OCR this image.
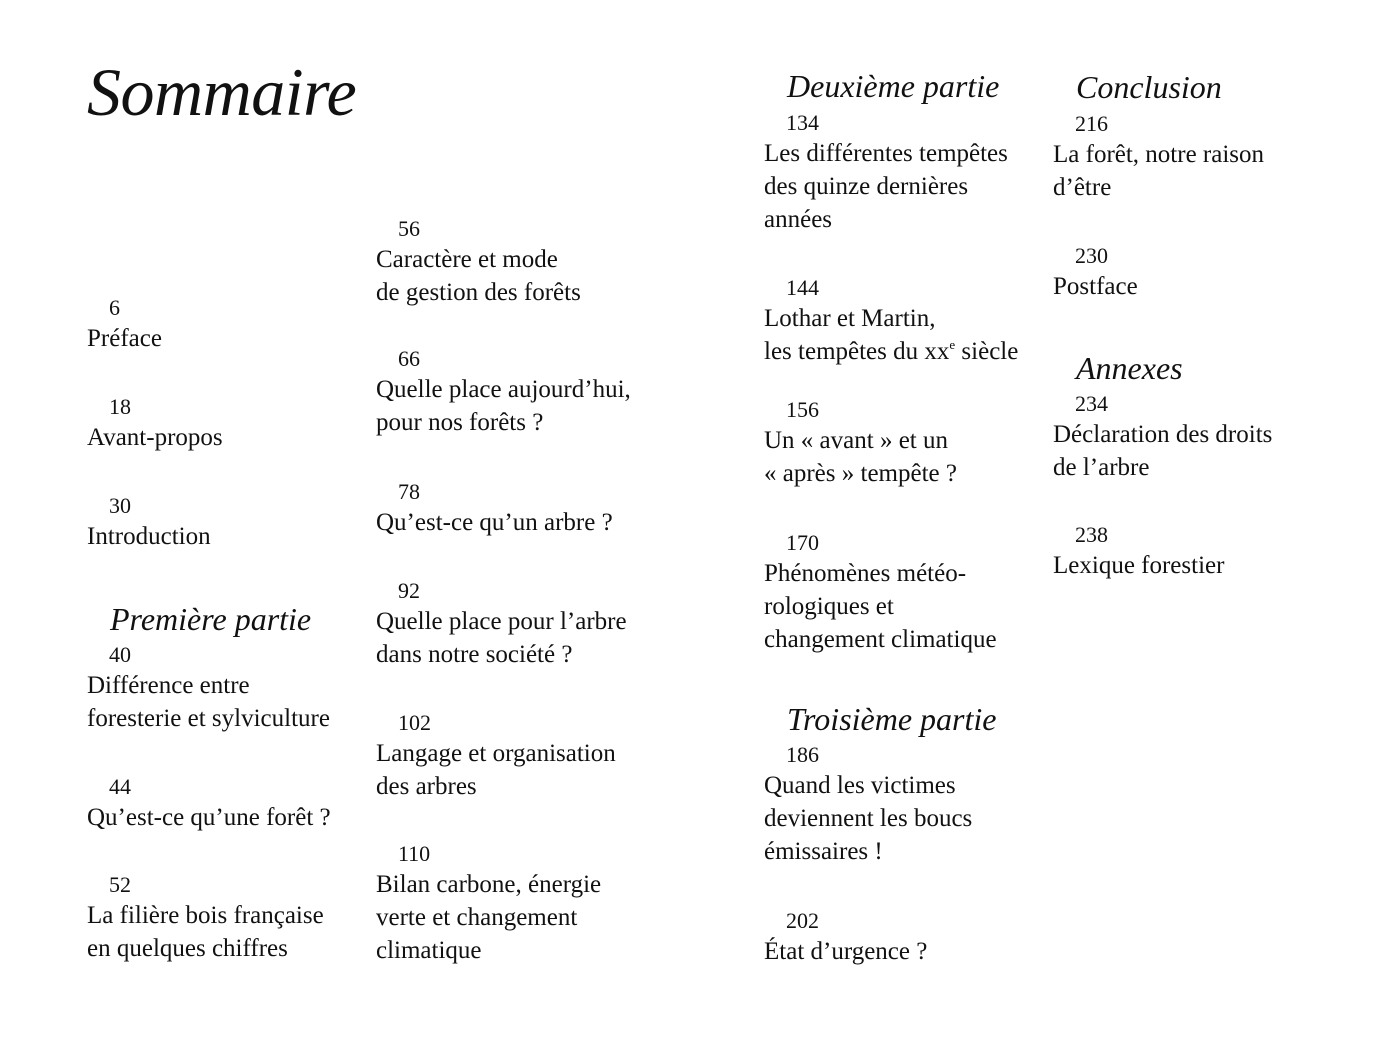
Sommaire
6
Préface
18
Avant-propos
30
Introduction
Première partie
40
Différence entre
foresterie et sylviculture
44
Qu’est-ce qu’une forêt ?
52
La filière bois française
en quelques chiffres
56
Caractère et mode
de gestion des forêts
66
Quelle place aujourd’hui,
pour nos forêts ?
78
Qu’est-ce qu’un arbre ?
92
Quelle place pour l’arbre
dans notre société ?
102
Langage et organisation
des arbres
110
Bilan carbone, énergie
verte et changement
climatique
Deuxième partie
134
Les différentes tempêtes
des quinze dernières
années
144
Lothar et Martin,
les tempêtes du $xx^e$ siècle
156
Un « avant » et un
« après » tempête ?
170
Phénomènes météo-
rologiques et
changement climatique
Troisième partie
186
Quand les victimes
deviennent les boucs
émissaires !
202
État d’urgence ?
Conclusion
216
La forêt, notre raison
d’être
230
Postface
Annexes
234
Déclaration des droits
de l’arbre
238
Lexique forestier
